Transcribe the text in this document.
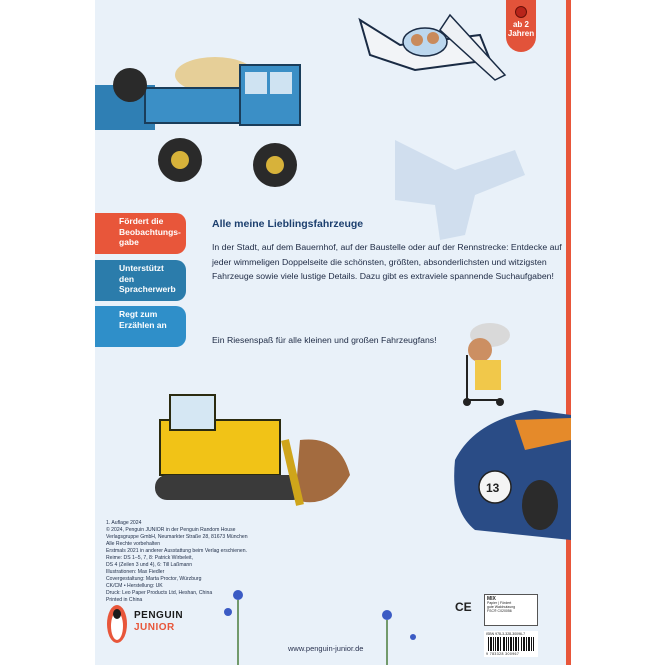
13
ab 2
Jahren
Fördert die
Beobachtungs-
gabe
Unterstützt
den
Spracherwerb
Regt zum
Erzählen an
Alle meine Lieblingsfahrzeuge
In der Stadt, auf dem Bauernhof, auf der Baustelle oder auf der Rennstrecke: Entdecke auf jeder wimmeligen Doppelseite die schönsten, größten, absonderlichsten und witzigsten Fahrzeuge sowie viele lustige Details. Dazu gibt es extraviele spannende Suchaufgaben!
Ein Riesenspaß für alle kleinen und großen Fahrzeugfans!
1. Auflage 2024
© 2024, Penguin JUNIOR in der Penguin Random House
Verlagsgruppe GmbH, Neumarkter Straße 28, 81673 München
Alle Rechte vorbehalten
Erstmals 2021 in anderer Ausstattung beim Verlag erschienen.
Reime: DS 1–5, 7, 8: Patrick Wirbeleit,
DS 4 (Zeilen 3 und 4), 6: Till Laßmann
Illustrationen: Max Fiedler
Covergestaltung: Marta Proctor, Würzburg
CK/CM • Herstellung: UK
Druck: Leo Paper Products Ltd, Heshan, China
Printed in China
PENGUIN
JUNIOR
www.penguin-junior.de
CE
MIX
Papier | Fördert
gute Waldnutzung
FSC® C020056
ISBN 978-3-328-30096-7
9 783328 300967
